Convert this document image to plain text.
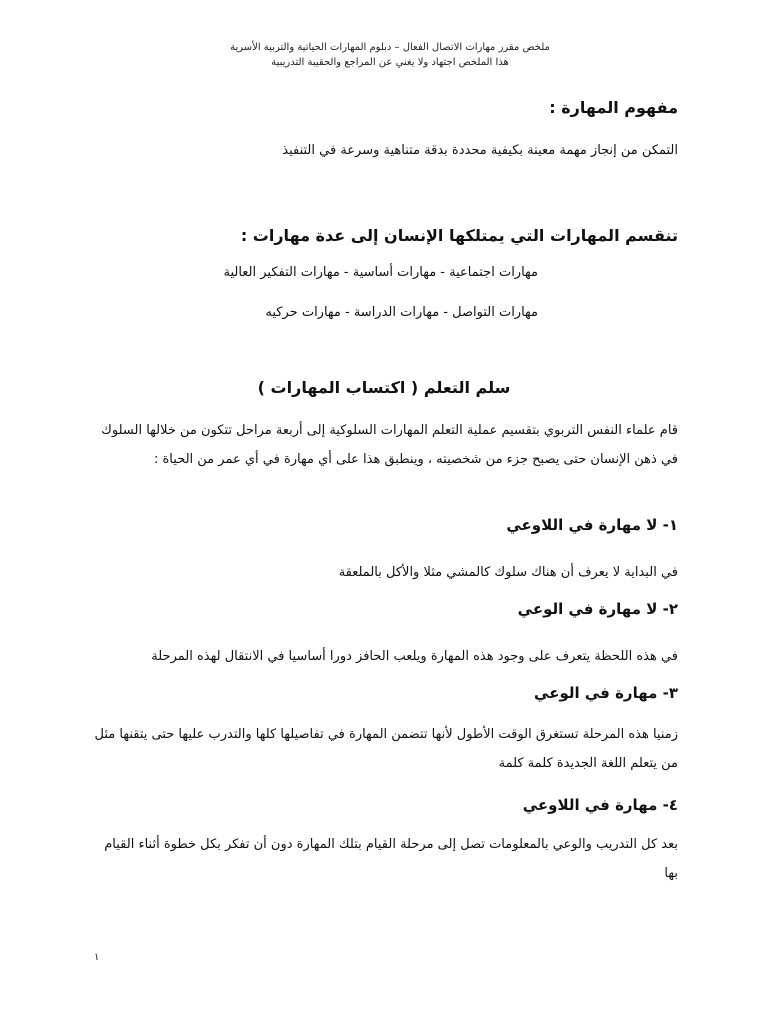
ملخص مقرر مهارات الاتصال الفعال – دبلوم المهارات الحياتية والتربية الأسرية
هذا الملخص اجتهاد ولا يغني عن المراجع والحقيبة التدريبية
مفهوم المهارة :
التمكن من إنجاز مهمة معينة بكيفية محددة بدقة متناهية وسرعة في التنفيذ
تنقسم المهارات التي يمتلكها الإنسان إلى عدة مهارات :
مهارات اجتماعية - مهارات أساسية - مهارات التفكير العالية
مهارات التواصل - مهارات الدراسة - مهارات حركيه
سلم التعلم ( اكتساب المهارات )
قام علماء النفس التربوي بتقسيم عملية التعلم المهارات السلوكية إلى أربعة مراحل تتكون من خلالها السلوك في ذهن الإنسان حتى يصبح جزء من شخصيته ، وينطبق هذا على أي مهارة في أي عمر من الحياة :
١- لا مهارة في اللاوعي
في البداية لا يعرف أن هناك سلوك كالمشي مثلا والأكل بالملعقة
٢- لا مهارة في الوعي
في هذه اللحظة يتعرف على وجود هذه المهارة ويلعب الحافز دورا أساسيا في الانتقال لهذه المرحلة
٣- مهارة في الوعي
زمنيا هذه المرحلة تستغرق الوقت الأطول لأنها تتضمن المهارة في تفاصيلها كلها والتدرب عليها حتى يتقنها مثل من يتعلم اللغة الجديدة كلمة كلمة
٤- مهارة في اللاوعي
بعد كل التدريب والوعي بالمعلومات تصل إلى مرحلة القيام بتلك المهارة دون أن تفكر بكل خطوة أثناء القيام بها
١
